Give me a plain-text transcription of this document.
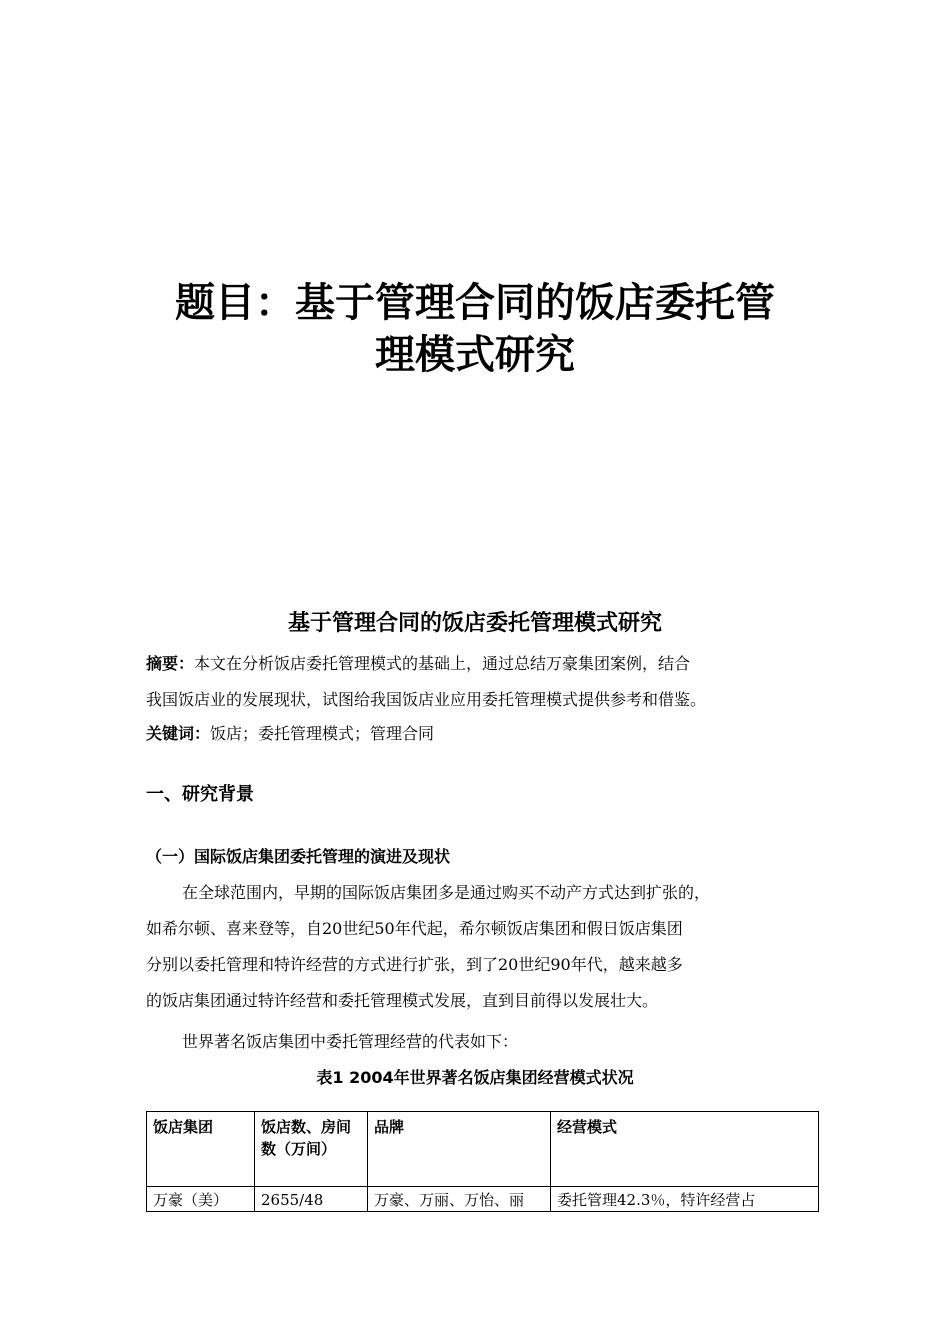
题目：基于管理合同的饭店委托管
理模式研究
基于管理合同的饭店委托管理模式研究
摘要：本文在分析饭店委托管理模式的基础上，通过总结万豪集团案例，结合
我国饭店业的发展现状，试图给我国饭店业应用委托管理模式提供参考和借鉴。
关键词：饭店；委托管理模式；管理合同
一、研究背景
（一）国际饭店集团委托管理的演进及现状

在全球范围内，早期的国际饭店集团多是通过购买不动产方式达到扩张的，

如希尔顿、喜来登等，自20世纪50年代起，希尔顿饭店集团和假日饭店集团

分别以委托管理和特许经营的方式进行扩张，到了20世纪90年代，越来越多

的饭店集团通过特许经营和委托管理模式发展，直到目前得以发展壮大。

世界著名饭店集团中委托管理经营的代表如下：

表1 2004年世界著名饭店集团经营模式状况
饭店集团	饭店数、房间数（万间）	品牌	经营模式
万豪（美）	2655/48	万豪、万丽、万怡、丽	委托管理42.3％，特许经营占
